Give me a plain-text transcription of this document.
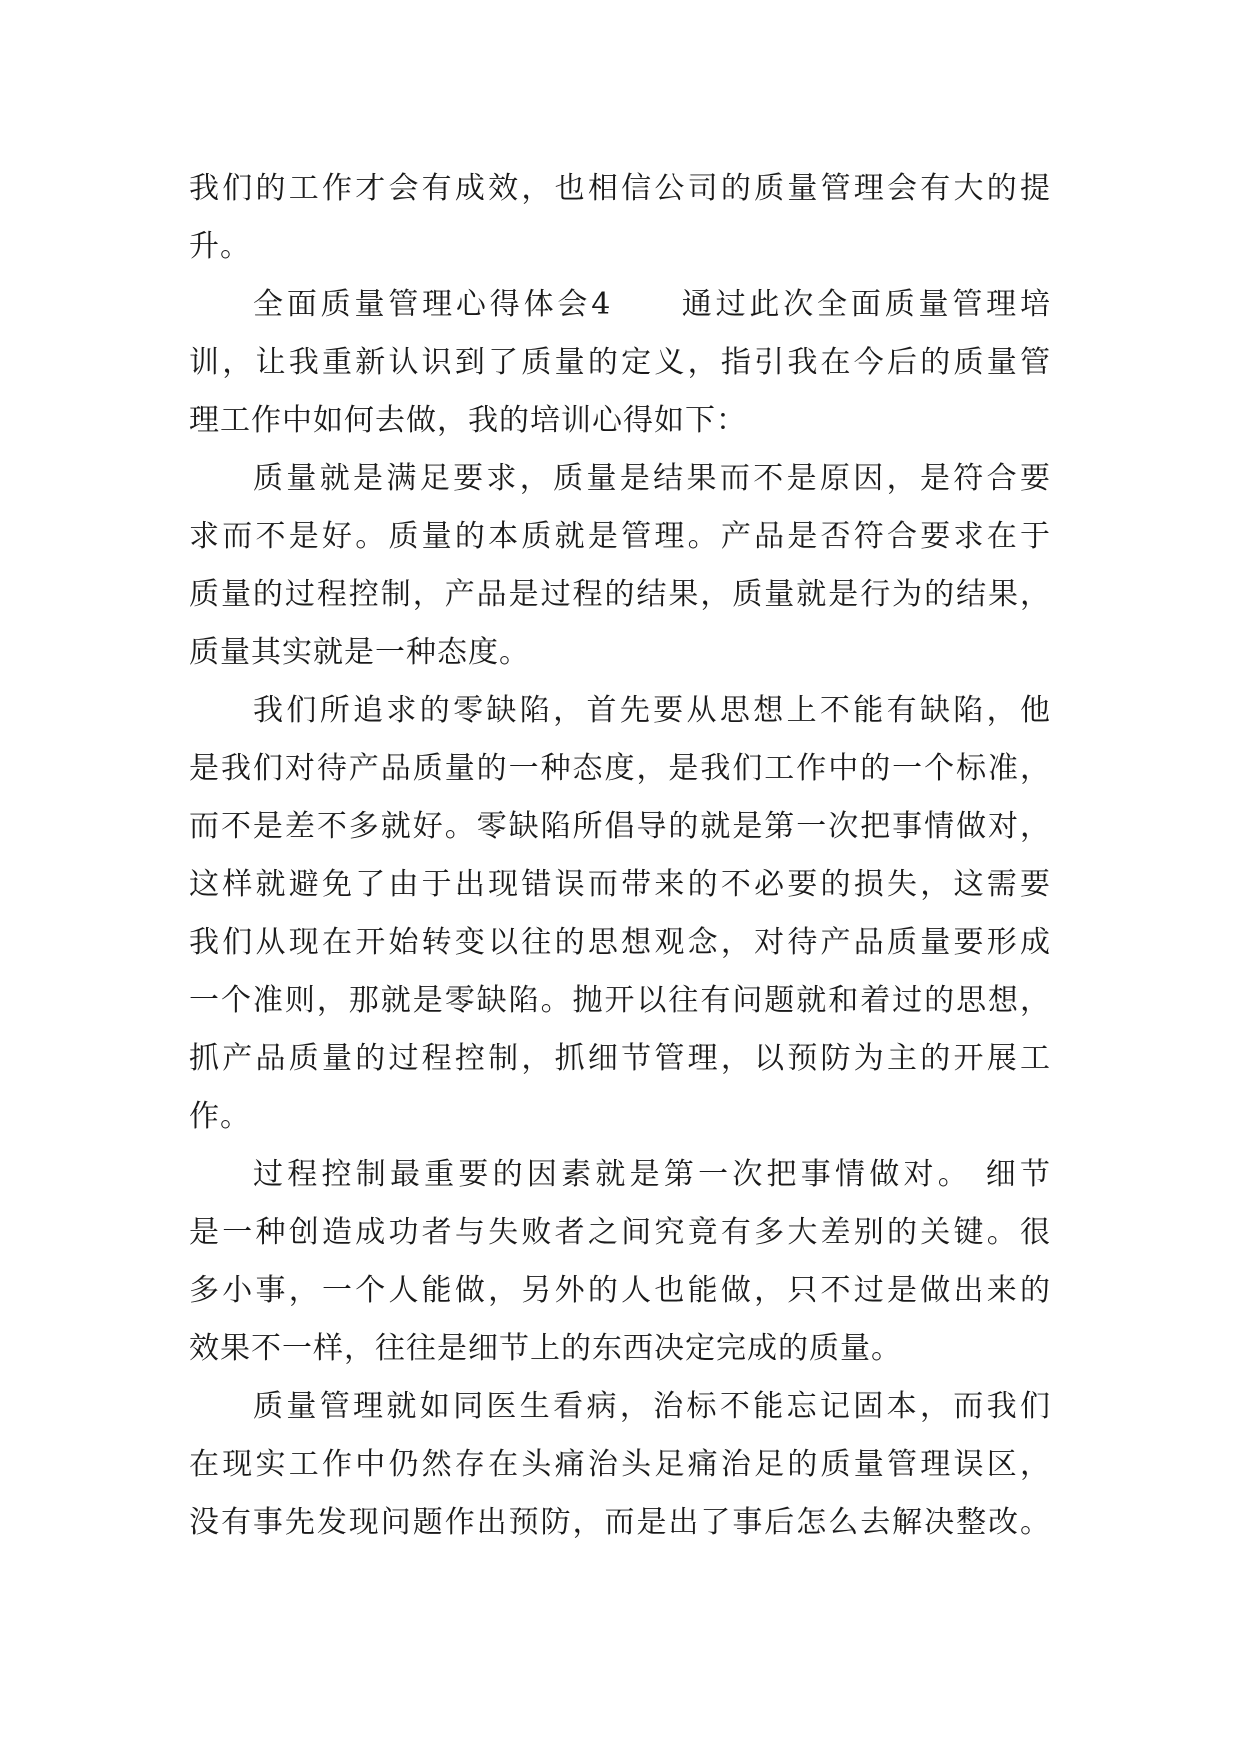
我们的工作才会有成效，也相信公司的质量管理会有大的提
升。
全面质量管理心得体会4　　通过此次全面质量管理培
训，让我重新认识到了质量的定义，指引我在今后的质量管
理工作中如何去做，我的培训心得如下：
质量就是满足要求，质量是结果而不是原因，是符合要
求而不是好。质量的本质就是管理。产品是否符合要求在于
质量的过程控制，产品是过程的结果，质量就是行为的结果，
质量其实就是一种态度。
我们所追求的零缺陷，首先要从思想上不能有缺陷，他
是我们对待产品质量的一种态度，是我们工作中的一个标准，
而不是差不多就好。零缺陷所倡导的就是第一次把事情做对，
这样就避免了由于出现错误而带来的不必要的损失，这需要
我们从现在开始转变以往的思想观念，对待产品质量要形成
一个准则，那就是零缺陷。抛开以往有问题就和着过的思想，
抓产品质量的过程控制，抓细节管理，以预防为主的开展工
作。
过程控制最重要的因素就是第一次把事情做对。 细节
是一种创造成功者与失败者之间究竟有多大差别的关键。很
多小事，一个人能做，另外的人也能做，只不过是做出来的
效果不一样，往往是细节上的东西决定完成的质量。
质量管理就如同医生看病，治标不能忘记固本，而我们
在现实工作中仍然存在头痛治头足痛治足的质量管理误区，
没有事先发现问题作出预防，而是出了事后怎么去解决整改。
